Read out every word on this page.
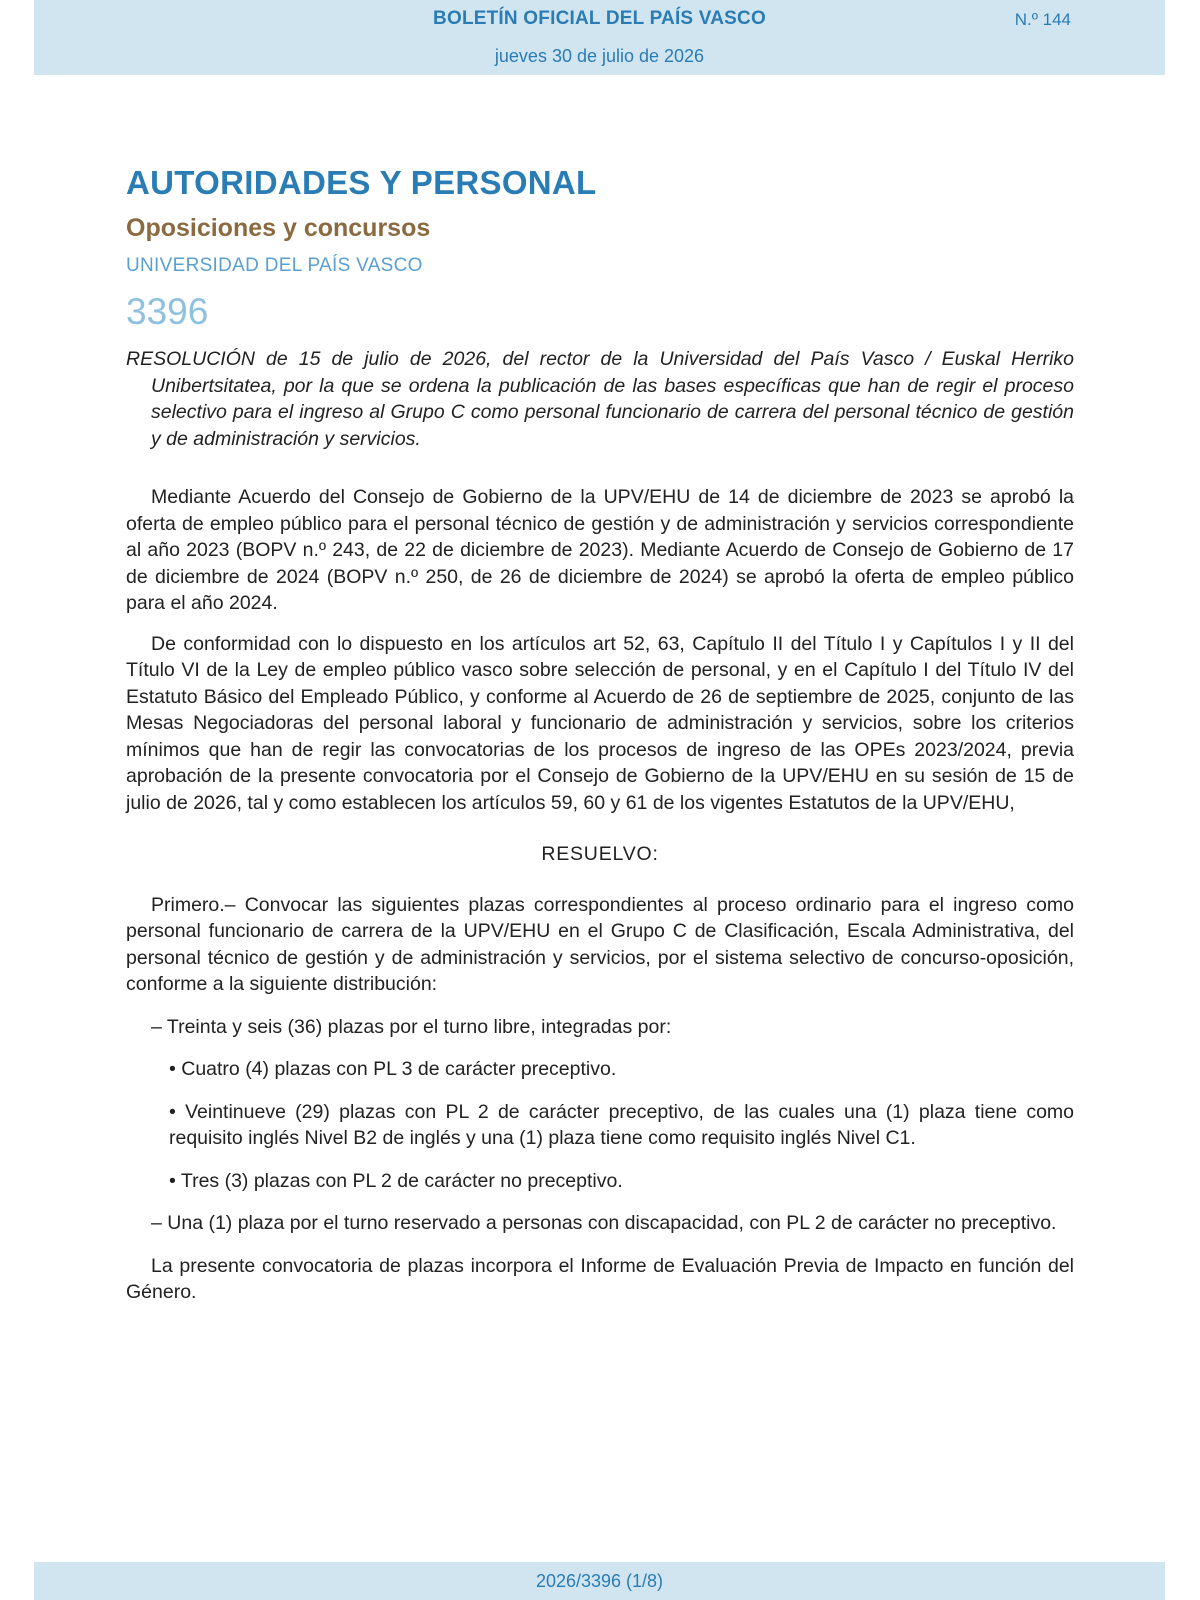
BOLETÍN OFICIAL DEL PAÍS VASCO	N.º 144
jueves 30 de julio de 2026
AUTORIDADES Y PERSONAL
Oposiciones y concursos
UNIVERSIDAD DEL PAÍS VASCO
3396

RESOLUCIÓN de 15 de julio de 2026, del rector de la Universidad del País Vasco / Euskal Herriko Unibertsitatea, por la que se ordena la publicación de las bases específicas que han de regir el proceso selectivo para el ingreso al Grupo C como personal funcionario de carrera del personal técnico de gestión y de administración y servicios.

Mediante Acuerdo del Consejo de Gobierno de la UPV/EHU de 14 de diciembre de 2023 se aprobó la oferta de empleo público para el personal técnico de gestión y de administración y servicios correspondiente al año 2023 (BOPV n.º 243, de 22 de diciembre de 2023). Mediante Acuerdo de Consejo de Gobierno de 17 de diciembre de 2024 (BOPV n.º 250, de 26 de diciembre de 2024) se aprobó la oferta de empleo público para el año 2024.

De conformidad con lo dispuesto en los artículos art 52, 63, Capítulo II del Título I y Capítulos I y II del Título VI de la Ley de empleo público vasco sobre selección de personal, y en el Capítulo I del Título IV del Estatuto Básico del Empleado Público, y conforme al Acuerdo de 26 de septiembre de 2025, conjunto de las Mesas Negociadoras del personal laboral y funcionario de administración y servicios, sobre los criterios mínimos que han de regir las convocatorias de los procesos de ingreso de las OPEs 2023/2024, previa aprobación de la presente convocatoria por el Consejo de Gobierno de la UPV/EHU en su sesión de 15 de julio de 2026, tal y como establecen los artículos 59, 60 y 61 de los vigentes Estatutos de la UPV/EHU,

RESUELVO:

Primero.– Convocar las siguientes plazas correspondientes al proceso ordinario para el ingreso como personal funcionario de carrera de la UPV/EHU en el Grupo C de Clasificación, Escala Administrativa, del personal técnico de gestión y de administración y servicios, por el sistema selectivo de concurso-oposición, conforme a la siguiente distribución:

– Treinta y seis (36) plazas por el turno libre, integradas por:

• Cuatro (4) plazas con PL 3 de carácter preceptivo.

• Veintinueve (29) plazas con PL 2 de carácter preceptivo, de las cuales una (1) plaza tiene como requisito inglés Nivel B2 de inglés y una (1) plaza tiene como requisito inglés Nivel C1.

• Tres (3) plazas con PL 2 de carácter no preceptivo.

– Una (1) plaza por el turno reservado a personas con discapacidad, con PL 2 de carácter no preceptivo.

La presente convocatoria de plazas incorpora el Informe de Evaluación Previa de Impacto en función del Género.

2026/3396 (1/8)
